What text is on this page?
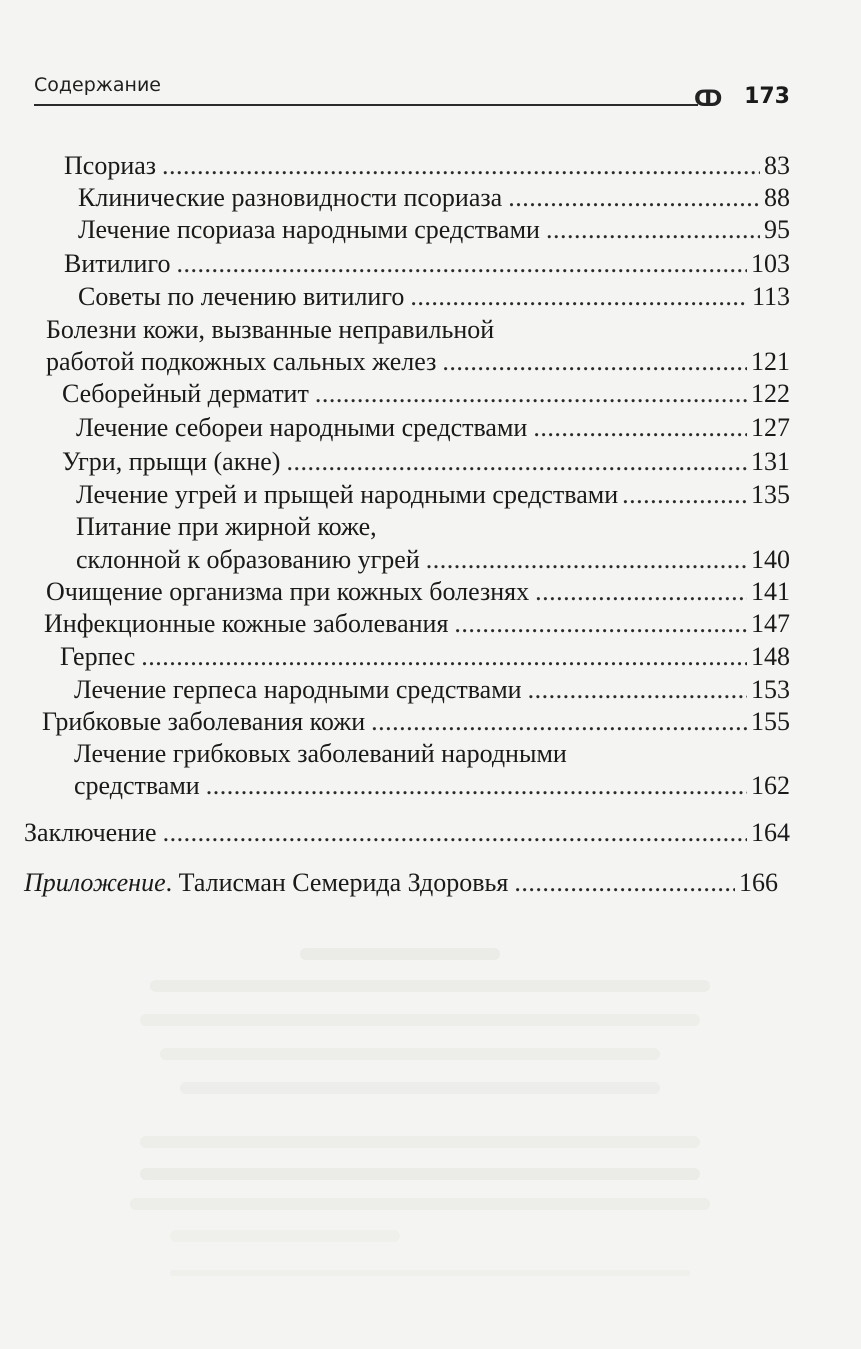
Содержание
ↀ 173
Псориаз . . .	83
Клинические разновидности псориаза . . .	88
Лечение псориаза народными средствами . . .	95
Витилиго . . .	103
Советы по лечению витилиго . . .	113
Болезни кожи, вызванные неправильной
работой подкожных сальных желез . . .	121
Себорейный дерматит . . .	122
Лечение себореи народными средствами . . .	127
Угри, прыщи (акне) . . .	131
Лечение угрей и прыщей народными средствами . . .	135
Питание при жирной коже,
склонной к образованию угрей . . .	140
Очищение организма при кожных болезнях . . .	141
Инфекционные кожные заболевания . . .	147
Герпес . . .	148
Лечение герпеса народными средствами . . .	153
Грибковые заболевания кожи . . .	155
Лечение грибковых заболеваний народными
средствами . . .	162
Заключение . . .	164
Приложение. Талисман Семерида Здоровья . . .	166
